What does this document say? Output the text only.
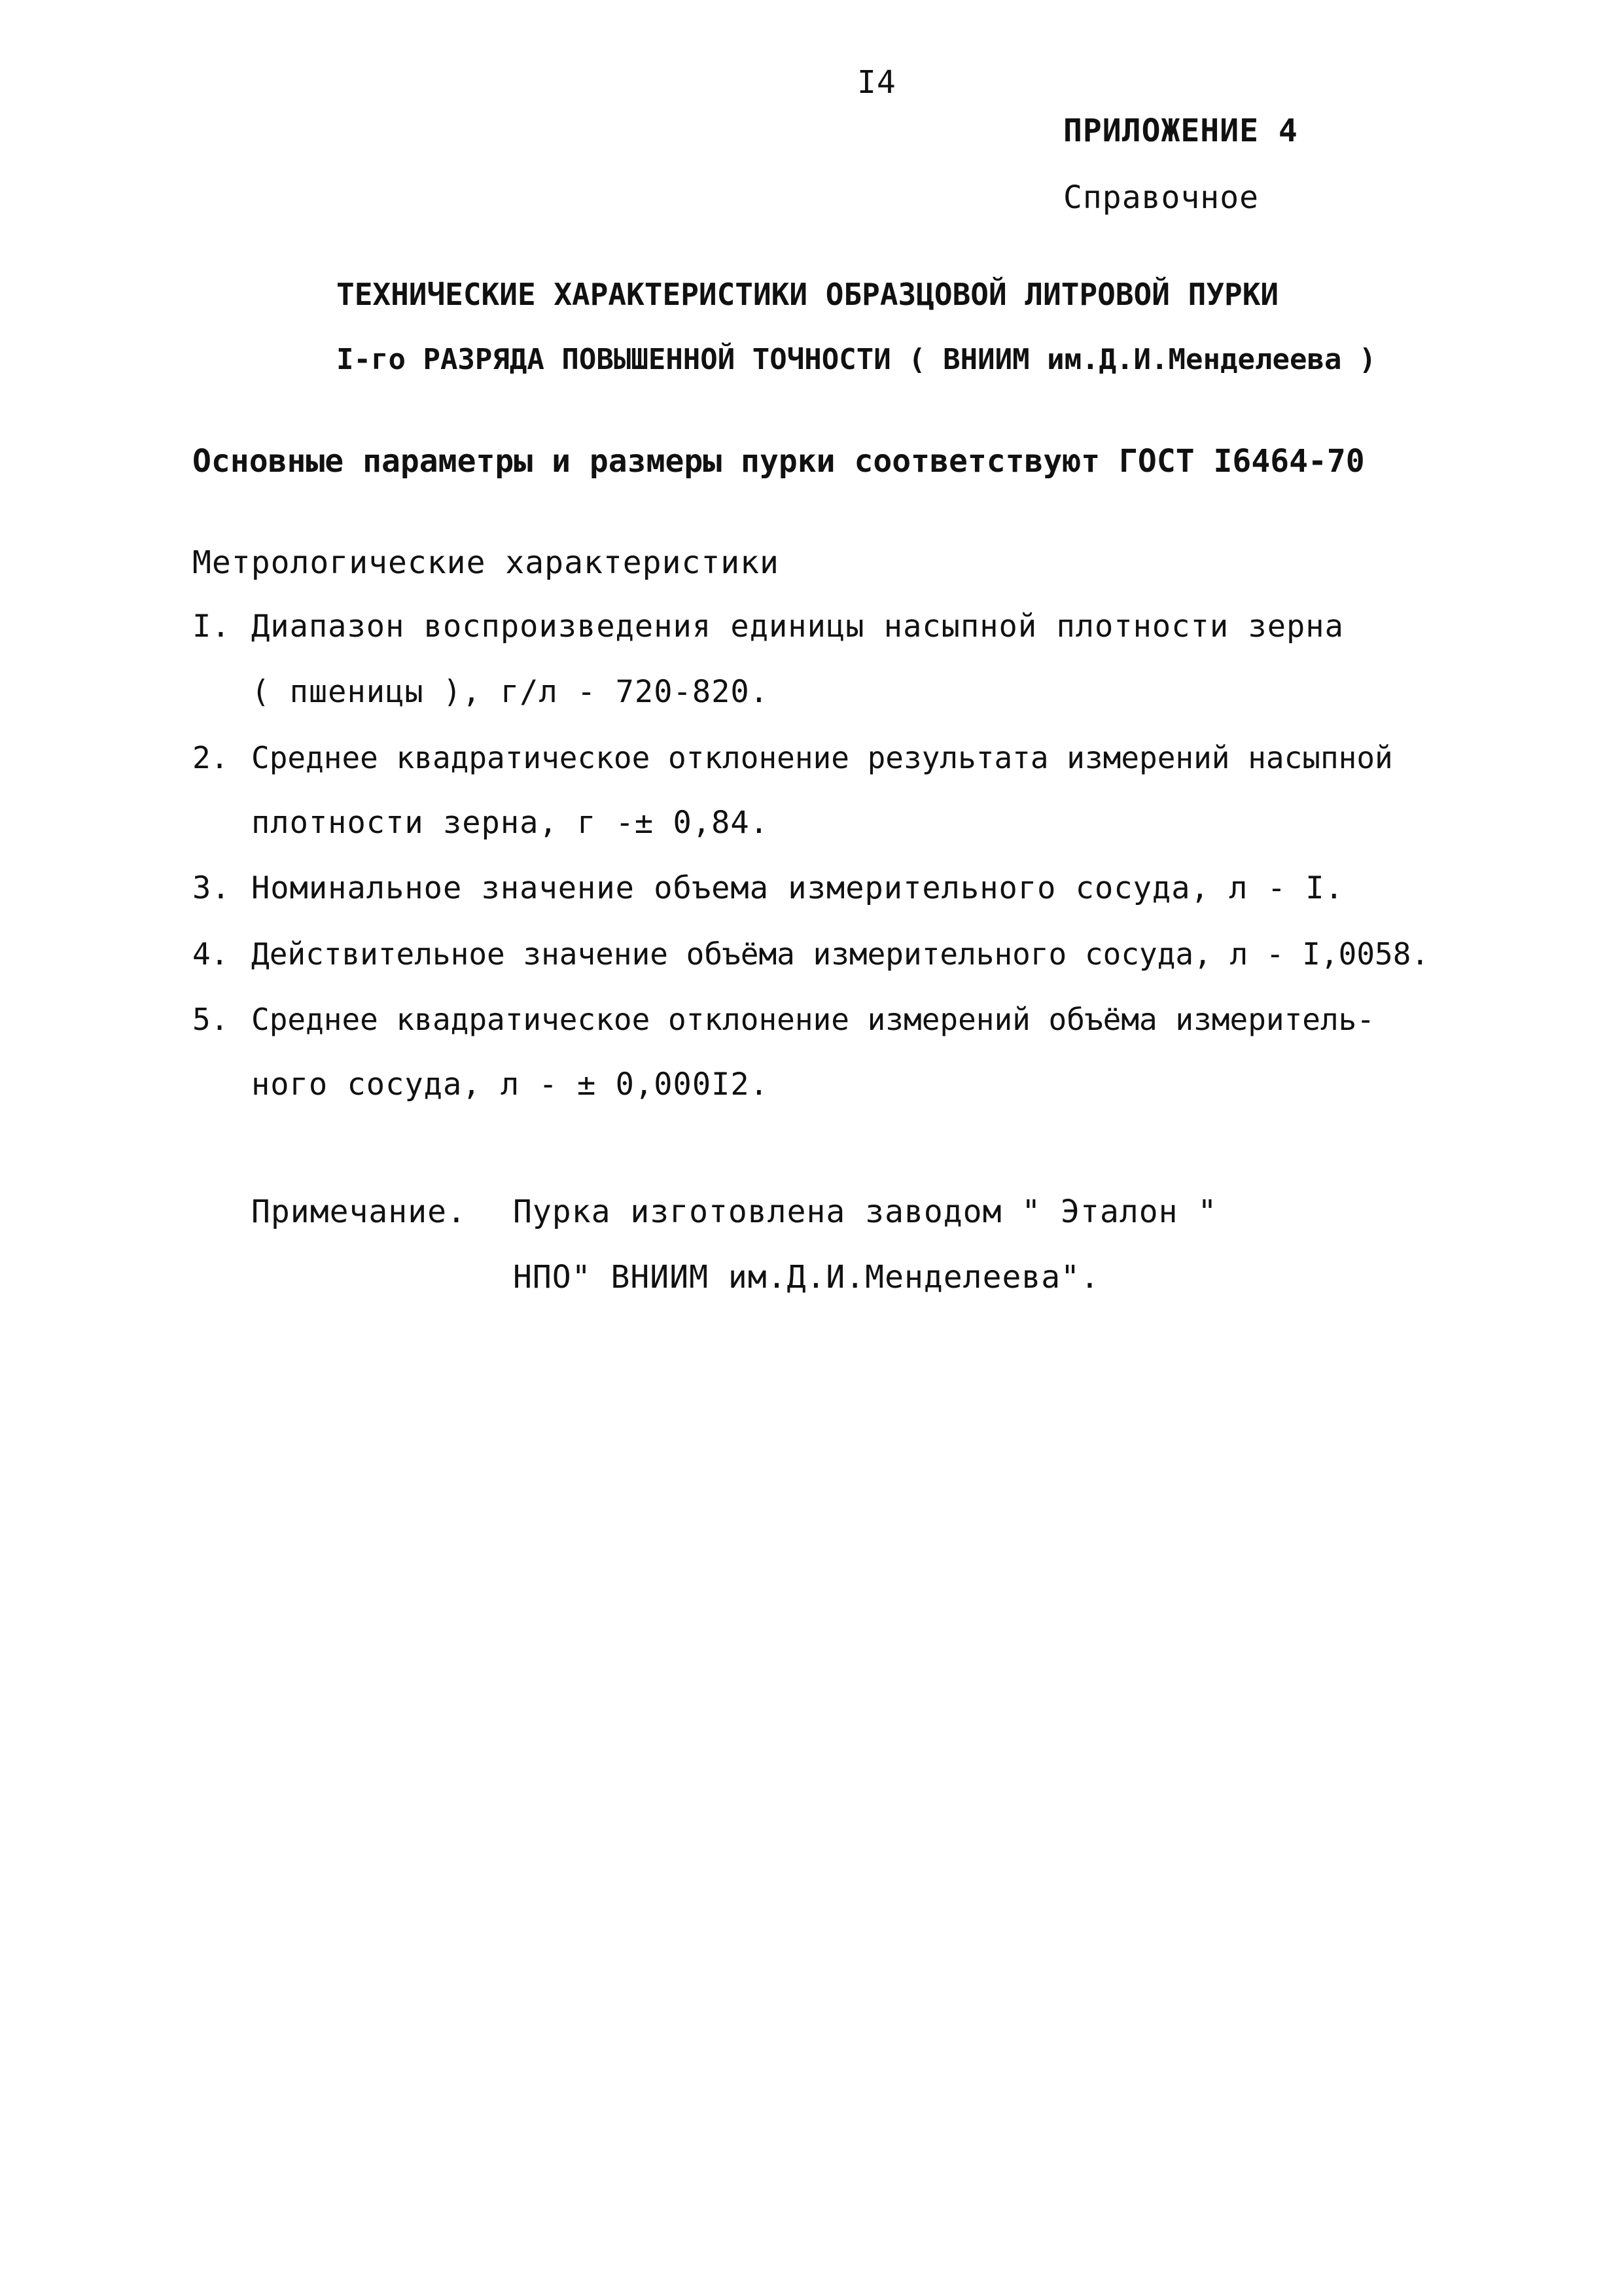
I4
ПРИЛОЖЕНИЕ 4
Справочное
ТЕХНИЧЕСКИЕ ХАРАКТЕРИСТИКИ ОБРАЗЦОВОЙ ЛИТРОВОЙ ПУРКИ
I-го РАЗРЯДА ПОВЫШЕННОЙ ТОЧНОСТИ ( ВНИИМ им.Д.И.Менделеева )
Основные параметры и размеры пурки соответствуют ГОСТ I6464-70
Метрологические характеристики
I. Диапазон воспроизведения единицы насыпной плотности зерна
( пшеницы ), г/л - 720-820.
2. Среднее квадратическое отклонение результата измерений насыпной
плотности зерна, г -± 0,84.
3. Номинальное значение объема измерительного сосуда, л - I.
4. Действительное значение объёма измерительного сосуда, л - I,0058.
5. Среднее квадратическое отклонение измерений объёма измеритель-
ного сосуда, л - ± 0,000I2.
Примечание. Пурка изготовлена заводом " Эталон "
НПО" ВНИИМ им.Д.И.Менделеева".
